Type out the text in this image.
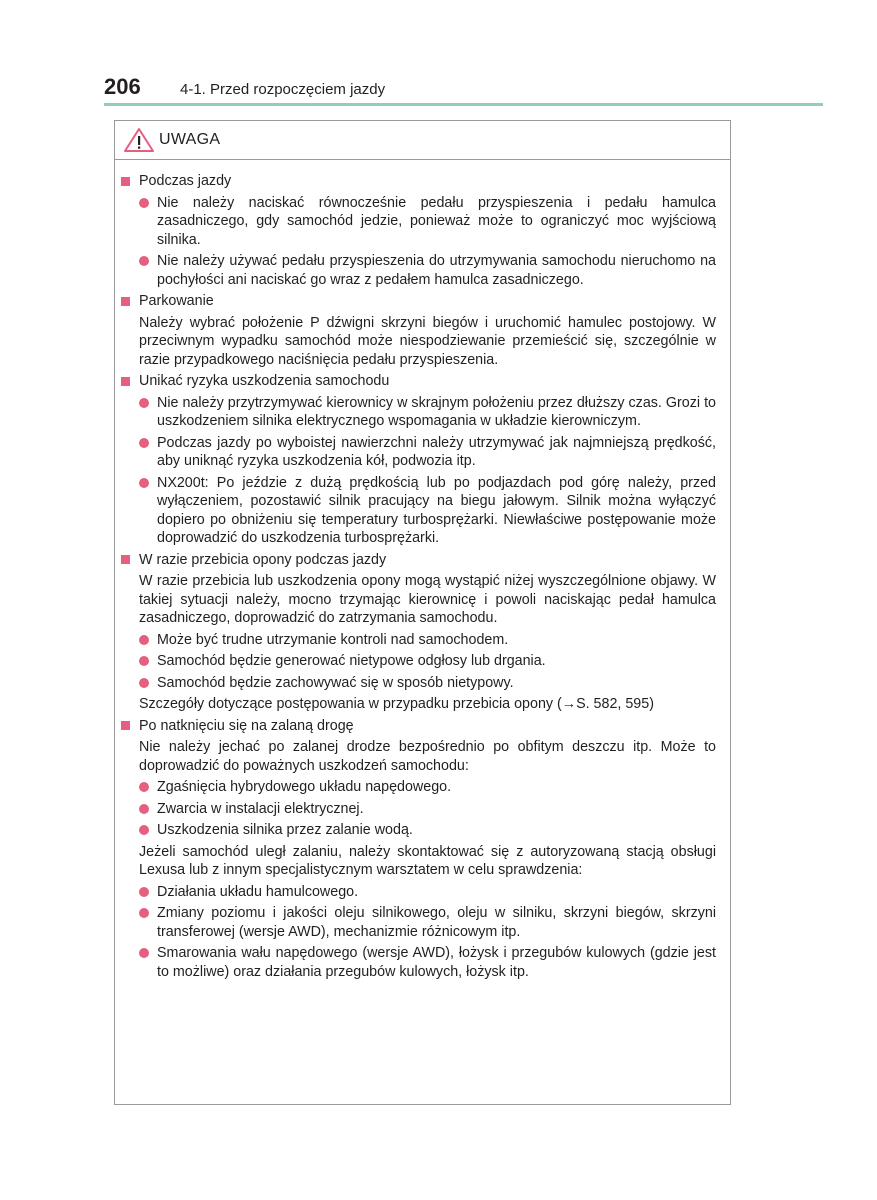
206	4-1. Przed rozpoczęciem jazdy
UWAGA
Podczas jazdy
Nie należy naciskać równocześnie pedału przyspieszenia i pedału hamulca zasadniczego, gdy samochód jedzie, ponieważ może to ograniczyć moc wyjściową silnika.
Nie należy używać pedału przyspieszenia do utrzymywania samochodu nieruchomo na pochyłości ani naciskać go wraz z pedałem hamulca zasadniczego.
Parkowanie
Należy wybrać położenie P dźwigni skrzyni biegów i uruchomić hamulec postojowy. W przeciwnym wypadku samochód może niespodziewanie przemieścić się, szczególnie w razie przypadkowego naciśnięcia pedału przyspieszenia.
Unikać ryzyka uszkodzenia samochodu
Nie należy przytrzymywać kierownicy w skrajnym położeniu przez dłuższy czas. Grozi to uszkodzeniem silnika elektrycznego wspomagania w układzie kierowniczym.
Podczas jazdy po wyboistej nawierzchni należy utrzymywać jak najmniejszą prędkość, aby uniknąć ryzyka uszkodzenia kół, podwozia itp.
NX200t: Po jeździe z dużą prędkością lub po podjazdach pod górę należy, przed wyłączeniem, pozostawić silnik pracujący na biegu jałowym. Silnik można wyłączyć dopiero po obniżeniu się temperatury turbosprężarki. Niewłaściwe postępowanie może doprowadzić do uszkodzenia turbosprężarki.
W razie przebicia opony podczas jazdy
W razie przebicia lub uszkodzenia opony mogą wystąpić niżej wyszczególnione objawy. W takiej sytuacji należy, mocno trzymając kierownicę i powoli naciskając pedał hamulca zasadniczego, doprowadzić do zatrzymania samochodu.
Może być trudne utrzymanie kontroli nad samochodem.
Samochód będzie generować nietypowe odgłosy lub drgania.
Samochód będzie zachowywać się w sposób nietypowy.
Szczegóły dotyczące postępowania w przypadku przebicia opony (→S. 582, 595)
Po natknięciu się na zalaną drogę
Nie należy jechać po zalanej drodze bezpośrednio po obfitym deszczu itp. Może to doprowadzić do poważnych uszkodzeń samochodu:
Zgaśnięcia hybrydowego układu napędowego.
Zwarcia w instalacji elektrycznej.
Uszkodzenia silnika przez zalanie wodą.
Jeżeli samochód uległ zalaniu, należy skontaktować się z autoryzowaną stacją obsługi Lexusa lub z innym specjalistycznym warsztatem w celu sprawdzenia:
Działania układu hamulcowego.
Zmiany poziomu i jakości oleju silnikowego, oleju w silniku, skrzyni biegów, skrzyni transferowej (wersje AWD), mechanizmie różnicowym itp.
Smarowania wału napędowego (wersje AWD), łożysk i przegubów kulowych (gdzie jest to możliwe) oraz działania przegubów kulowych, łożysk itp.
